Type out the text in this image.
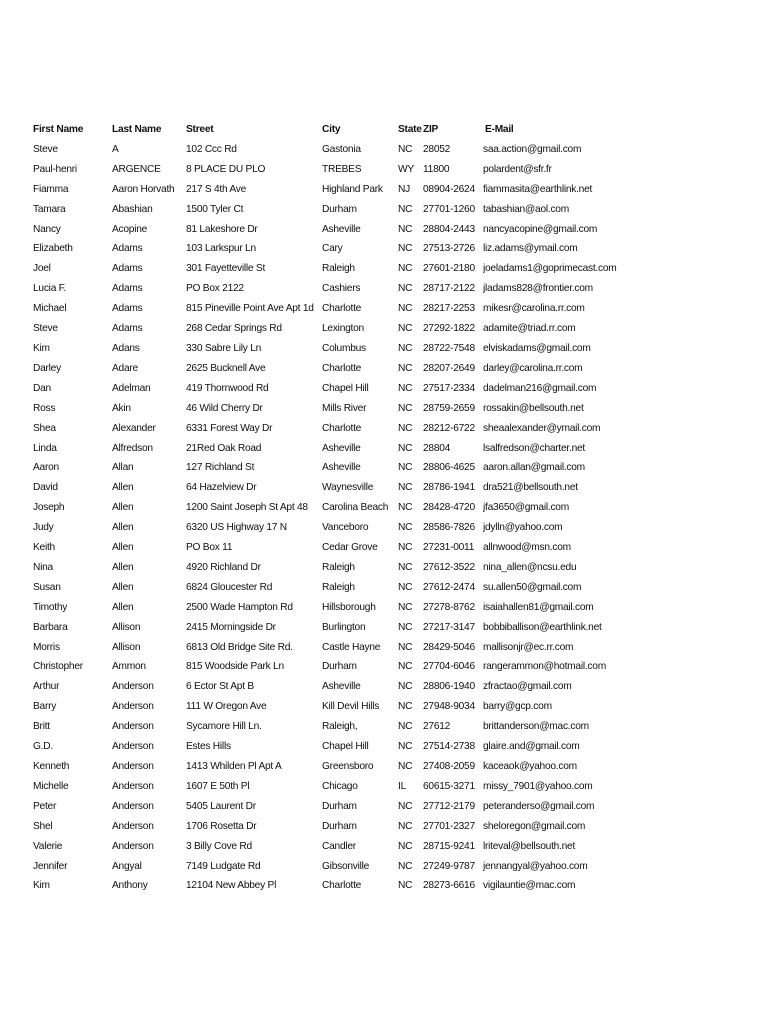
	First Name	Last Name	Street	City	State	ZIP	E-Mail
	Steve	A	102 Ccc Rd	Gastonia	NC	28052	saa.action@gmail.com
	Paul-henri	ARGENCE	8 PLACE DU PLO	TREBES	WY	11800	polardent@sfr.fr
	Fiamma	Aaron Horvath	217 S 4th Ave	Highland Park	NJ	08904-2624	fiammasita@earthlink.net
	Tamara	Abashian	1500 Tyler Ct	Durham	NC	27701-1260	tabashian@aol.com
	Nancy	Acopine	81 Lakeshore Dr	Asheville	NC	28804-2443	nancyacopine@gmail.com
	Elizabeth	Adams	103 Larkspur Ln	Cary	NC	27513-2726	liz.adams@ymail.com
	Joel	Adams	301 Fayetteville St	Raleigh	NC	27601-2180	joeladams1@goprimecast.com
	Lucia F.	Adams	PO Box 2122	Cashiers	NC	28717-2122	jladams828@frontier.com
	Michael	Adams	815 Pineville Point Ave Apt 1d	Charlotte	NC	28217-2253	mikesr@carolina.rr.com
	Steve	Adams	268 Cedar Springs Rd	Lexington	NC	27292-1822	adamite@triad.rr.com
	Kim	Adans	330 Sabre Lily Ln	Columbus	NC	28722-7548	elviskadams@gmail.com
	Darley	Adare	2625 Bucknell Ave	Charlotte	NC	28207-2649	darley@carolina.rr.com
	Dan	Adelman	419 Thornwood Rd	Chapel Hill	NC	27517-2334	dadelman216@gmail.com
	Ross	Akin	46 Wild Cherry Dr	Mills River	NC	28759-2659	rossakin@bellsouth.net
	Shea	Alexander	6331 Forest Way Dr	Charlotte	NC	28212-6722	sheaalexander@ymail.com
	Linda	Alfredson	21Red Oak Road	Asheville	NC	28804	lsalfredson@charter.net
	Aaron	Allan	127 Richland St	Asheville	NC	28806-4625	aaron.allan@gmail.com
	David	Allen	64 Hazelview Dr	Waynesville	NC	28786-1941	dra521@bellsouth.net
	Joseph	Allen	1200 Saint Joseph St Apt 48	Carolina Beach	NC	28428-4720	jfa3650@gmail.com
	Judy	Allen	6320 US Highway 17 N	Vanceboro	NC	28586-7826	jdylln@yahoo.com
	Keith	Allen	PO Box 11	Cedar Grove	NC	27231-0011	allnwood@msn.com
	Nina	Allen	4920 Richland Dr	Raleigh	NC	27612-3522	nina_allen@ncsu.edu
	Susan	Allen	6824 Gloucester Rd	Raleigh	NC	27612-2474	su.allen50@gmail.com
	Timothy	Allen	2500 Wade Hampton Rd	Hillsborough	NC	27278-8762	isaiahallen81@gmail.com
	Barbara	Allison	2415 Morningside Dr	Burlington	NC	27217-3147	bobbiballison@earthlink.net
	Morris	Allison	6813 Old Bridge Site Rd.	Castle Hayne	NC	28429-5046	mallisonjr@ec.rr.com
	Christopher	Ammon	815 Woodside Park Ln	Durham	NC	27704-6046	rangerammon@hotmail.com
	Arthur	Anderson	6 Ector St Apt B	Asheville	NC	28806-1940	zfractao@gmail.com
	Barry	Anderson	111 W Oregon Ave	Kill Devil Hills	NC	27948-9034	barry@gcp.com
	Britt	Anderson	Sycamore Hill Ln.	Raleigh,	NC	27612	brittanderson@mac.com
	G.D.	Anderson	Estes Hills	Chapel Hill	NC	27514-2738	glaire.and@gmail.com
	Kenneth	Anderson	1413 Whilden Pl Apt A	Greensboro	NC	27408-2059	kaceaok@yahoo.com
	Michelle	Anderson	1607 E 50th Pl	Chicago	IL	60615-3271	missy_7901@yahoo.com
	Peter	Anderson	5405 Laurent Dr	Durham	NC	27712-2179	peteranderso@gmail.com
	Shel	Anderson	1706 Rosetta Dr	Durham	NC	27701-2327	sheloregon@gmail.com
	Valerie	Anderson	3 Billy Cove Rd	Candler	NC	28715-9241	lriteval@bellsouth.net
	Jennifer	Angyal	7149 Ludgate Rd	Gibsonville	NC	27249-9787	jennangyal@yahoo.com
	Kim	Anthony	12104 New Abbey Pl	Charlotte	NC	28273-6616	vigilauntie@mac.com
